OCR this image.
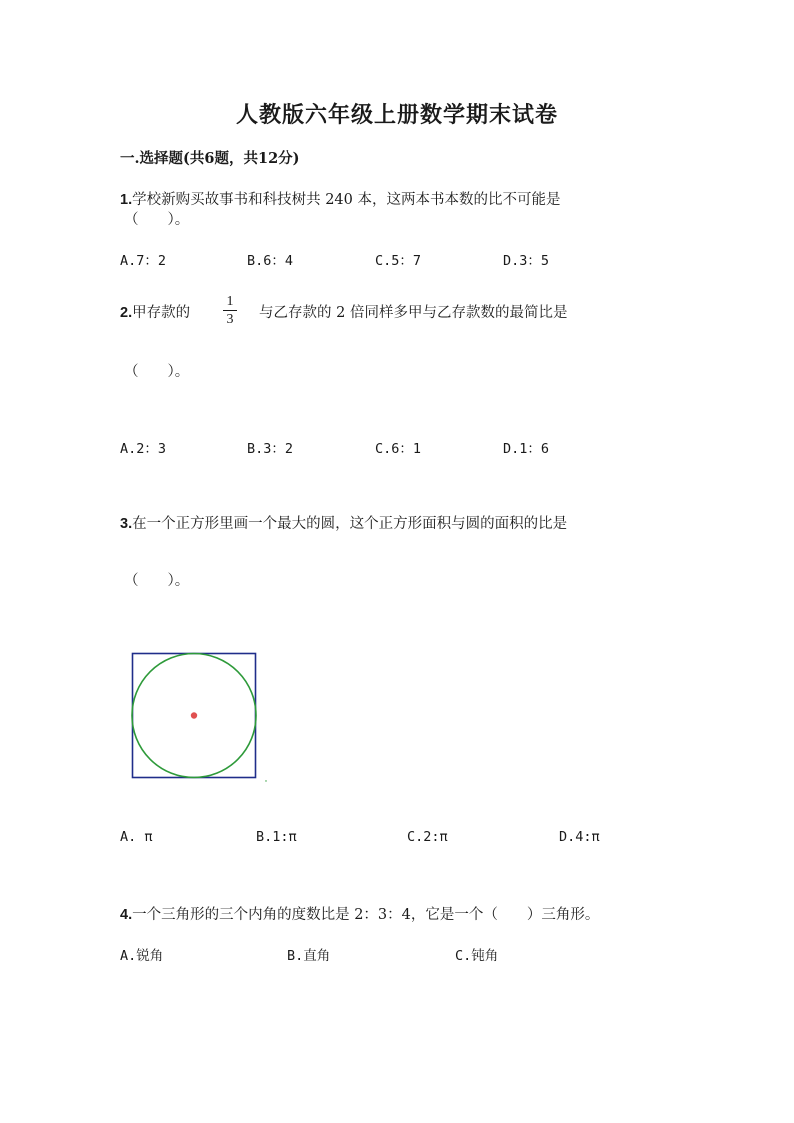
人教版六年级上册数学期末试卷
一.选择题(共6题，共12分)
1.学校新购买故事书和科技树共 240 本，这两本书本数的比不可能是
（　　）。
A.7：2	B.6：4	C.5：7	D.3：5
2.甲存款的
1
3	与乙存款的 2 倍同样多甲与乙存款数的最简比是
（　　）。
A.2：3	B.3：2	C.6：1	D.1：6
3.在一个正方形里画一个最大的圆，这个正方形面积与圆的面积的比是
（　　）。
A. π	B.1:π	C.2:π	D.4:π
4.一个三角形的三个内角的度数比是 2：3：4，它是一个（　　）三角形。
A.锐角	B.直角	C.钝角
